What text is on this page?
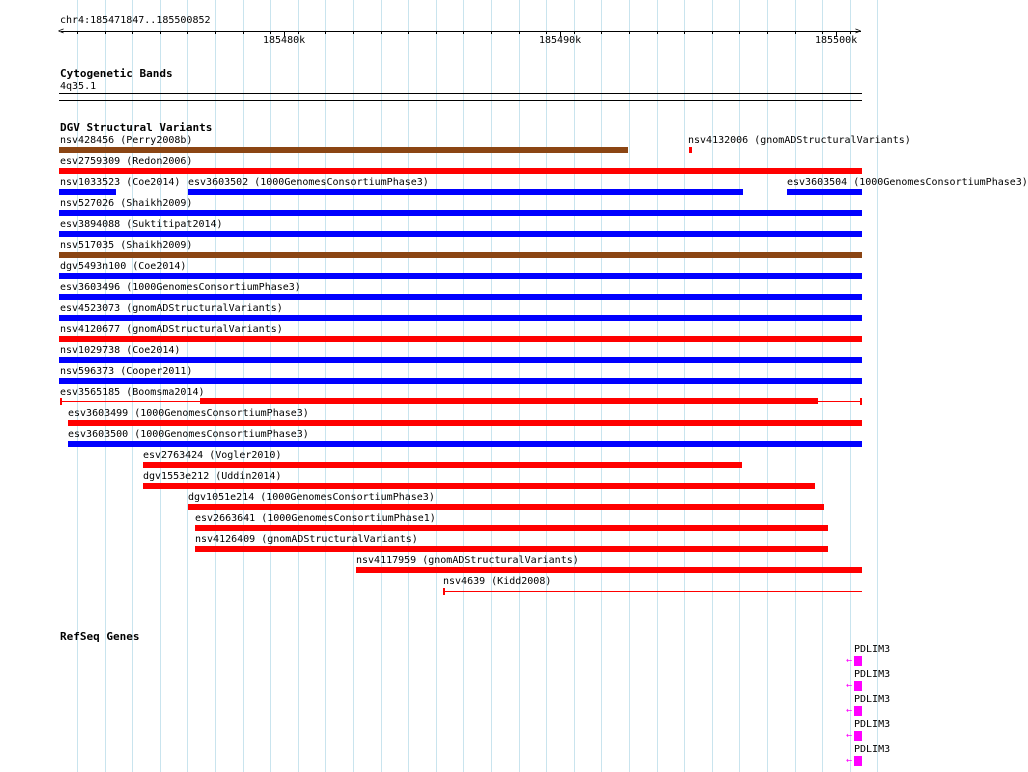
chr4:185471847..185500852
<	>
185480k	185490k	185500k
Cytogenetic Bands
4q35.1
DGV Structural Variants
nsv428456 (Perry2008b)	nsv4132006 (gnomADStructuralVariants)
esv2759309 (Redon2006)
nsv1033523 (Coe2014) esv3603502 (1000GenomesConsortiumPhase3)	esv3603504 (1000GenomesConsortiumPhase3)
nsv527026 (Shaikh2009)
esv3894088 (Suktitipat2014)
nsv517035 (Shaikh2009)
dgv5493n100 (Coe2014)
esv3603496 (1000GenomesConsortiumPhase3)
esv4523073 (gnomADStructuralVariants)
nsv4120677 (gnomADStructuralVariants)
nsv1029738 (Coe2014)
nsv596373 (Cooper2011)
esv3565185 (Boomsma2014)
esv3603499 (1000GenomesConsortiumPhase3)
esv3603500 (1000GenomesConsortiumPhase3)
esv2763424 (Vogler2010)
dgv1553e212 (Uddin2014)
dgv1051e214 (1000GenomesConsortiumPhase3)
esv2663641 (1000GenomesConsortiumPhase1)
nsv4126409 (gnomADStructuralVariants)
nsv4117959 (gnomADStructuralVariants)
nsv4639 (Kidd2008)
RefSeq Genes
PDLIM3
←
PDLIM3
←
PDLIM3
←
PDLIM3
←
PDLIM3
←
